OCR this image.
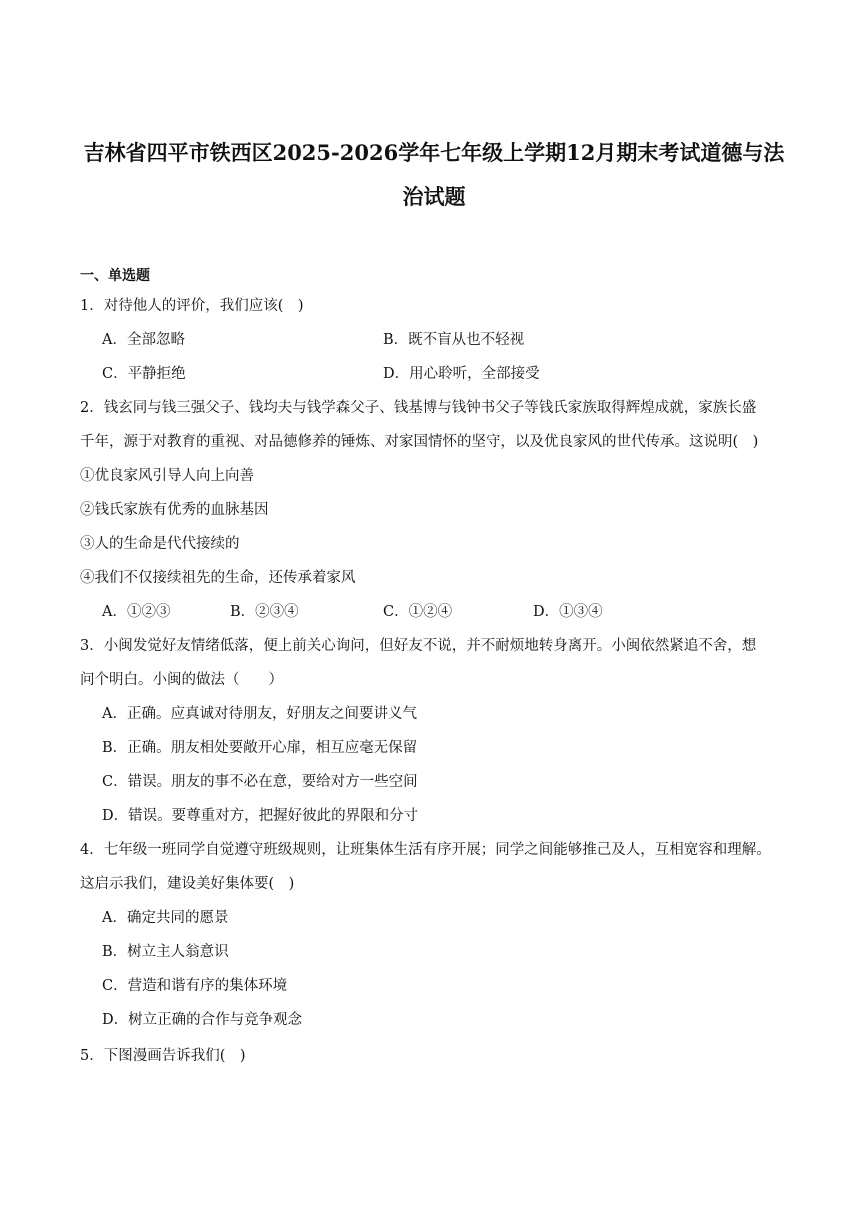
吉林省四平市铁西区2025-2026学年七年级上学期12月期末考试道德与法
治试题
一、单选题
1．对待他人的评价，我们应该(　)
A．全部忽略	B．既不盲从也不轻视
C．平静拒绝	D．用心聆听，全部接受
2．钱玄同与钱三强父子、钱均夫与钱学森父子、钱基博与钱钟书父子等钱氏家族取得辉煌成就，家族长盛
千年，源于对教育的重视、对品德修养的锤炼、对家国情怀的坚守，以及优良家风的世代传承。这说明(　)
①优良家风引导人向上向善
②钱氏家族有优秀的血脉基因
③人的生命是代代接续的
④我们不仅接续祖先的生命，还传承着家风
A．①②③	B．②③④	C．①②④	D．①③④
3．小闽发觉好友情绪低落，便上前关心询问，但好友不说，并不耐烦地转身离开。小闽依然紧追不舍，想
问个明白。小闽的做法（　　）
A．正确。应真诚对待朋友，好朋友之间要讲义气
B．正确。朋友相处要敞开心扉，相互应毫无保留
C．错误。朋友的事不必在意，要给对方一些空间
D．错误。要尊重对方，把握好彼此的界限和分寸
4．七年级一班同学自觉遵守班级规则，让班集体生活有序开展；同学之间能够推己及人，互相宽容和理解。
这启示我们，建设美好集体要(　)
A．确定共同的愿景
B．树立主人翁意识
C．营造和谐有序的集体环境
D．树立正确的合作与竞争观念
5．下图漫画告诉我们(　)
